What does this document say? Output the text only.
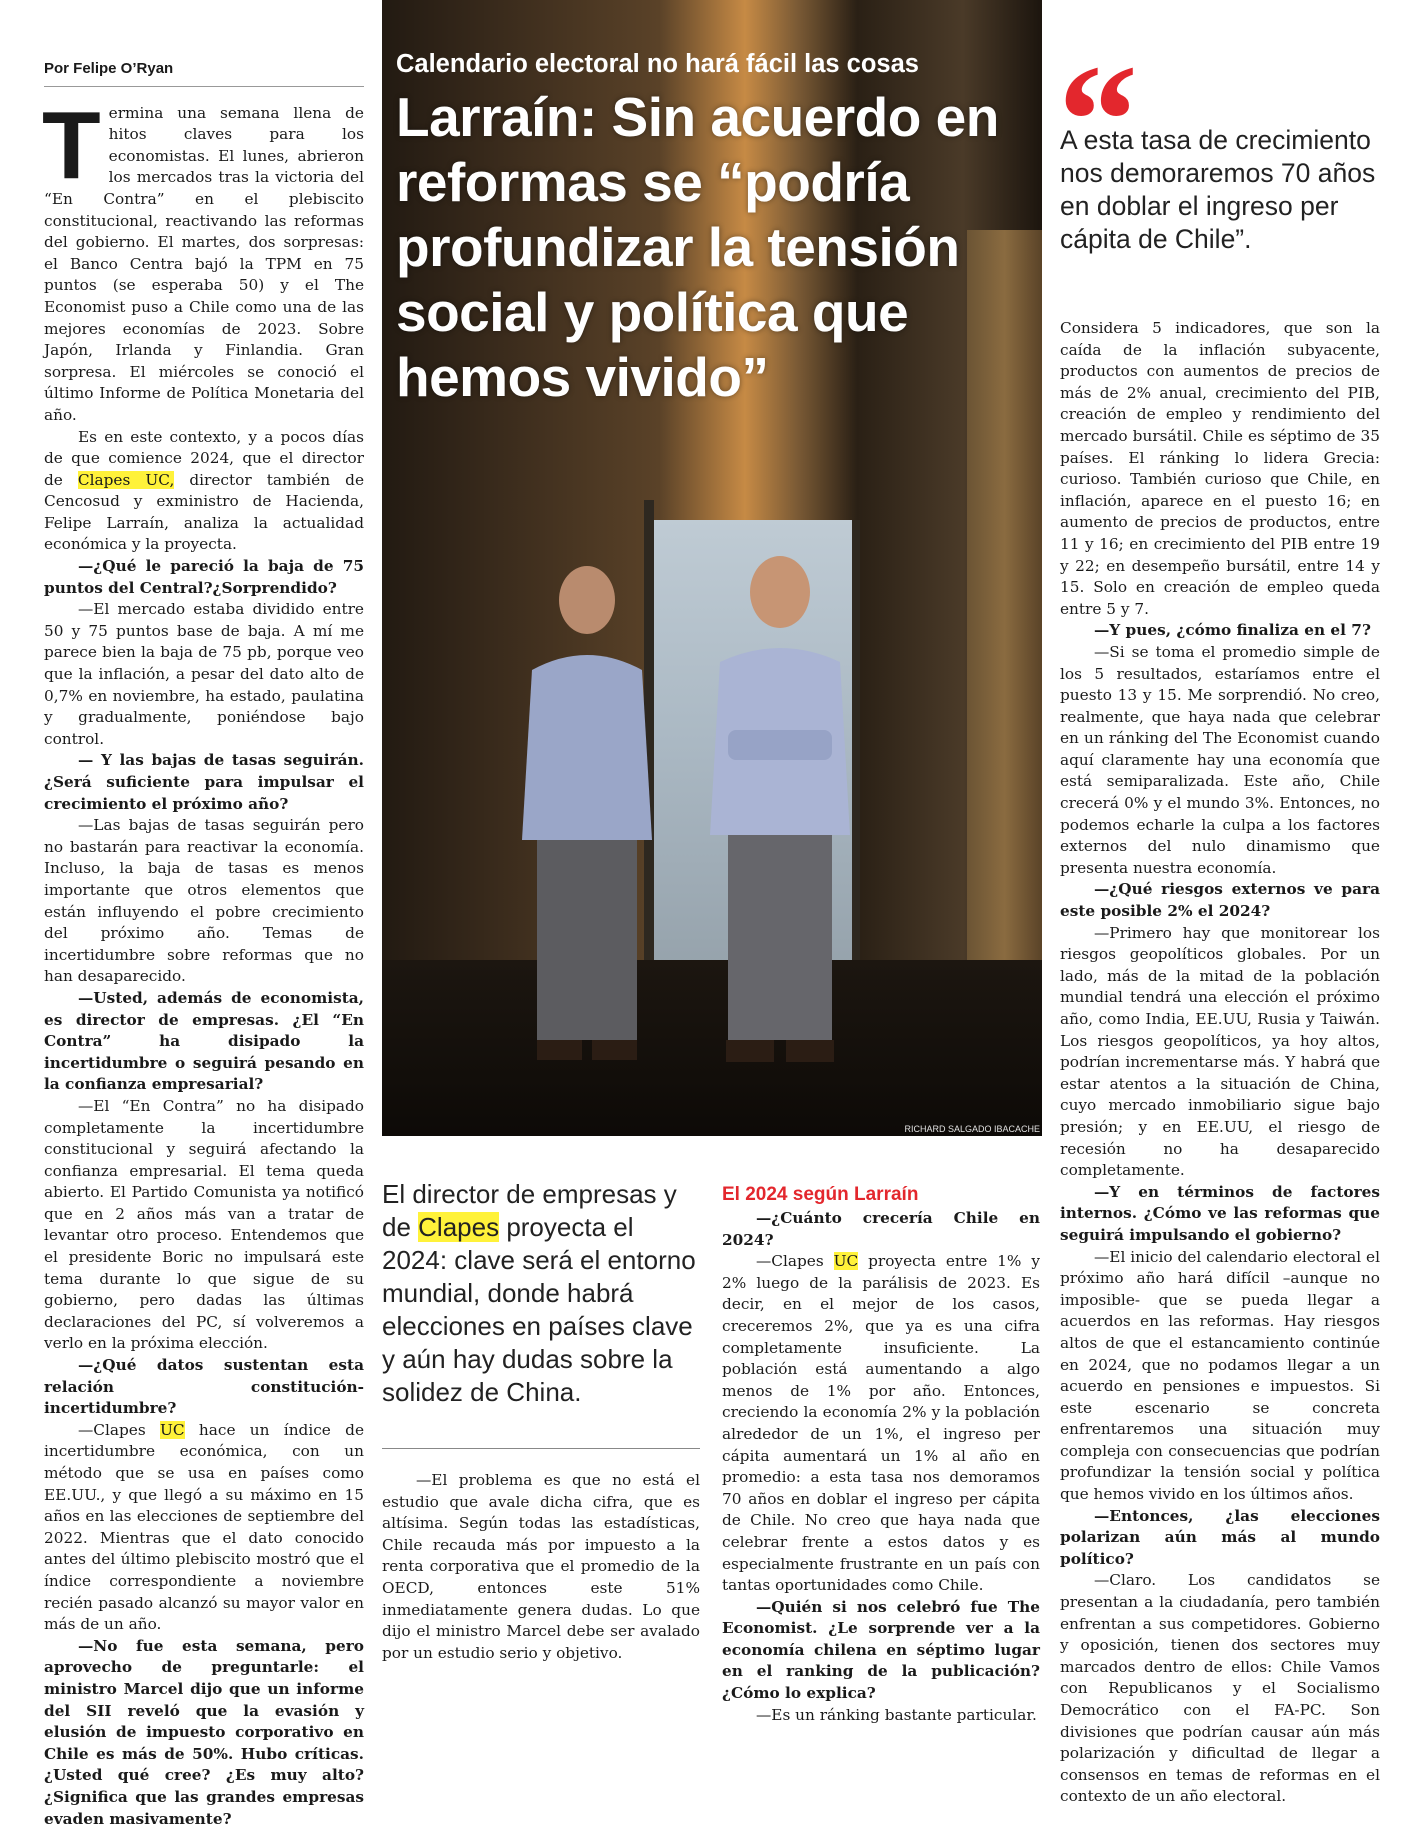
Por Felipe O’Ryan
T ermina una semana llena de hitos claves para los economistas. El lunes, abrieron los mercados tras la victoria del “En Contra” en el plebiscito constitucional, reactivando las reformas del gobierno. El martes, dos sorpresas: el Banco Centra bajó la TPM en 75 puntos (se esperaba 50) y el The Economist puso a Chile como una de las mejores economías de 2023. Sobre Japón, Irlanda y Finlandia. Gran sorpresa. El miércoles se conoció el último Informe de Política Monetaria del año.

Es en este contexto, y a pocos días de que comience 2024, que el director de Clapes UC, director también de Cencosud y exministro de Hacienda, Felipe Larraín, analiza la actualidad económica y la proyecta.

—¿Qué le pareció la baja de 75 puntos del Central?¿Sorprendido?

—El mercado estaba dividido entre 50 y 75 puntos base de baja. A mí me parece bien la baja de 75 pb, porque veo que la inflación, a pesar del dato alto de 0,7% en noviembre, ha estado, paulatina y gradualmente, poniéndose bajo control.

— Y las bajas de tasas seguirán. ¿Será suficiente para impulsar el crecimiento el próximo año?

—Las bajas de tasas seguirán pero no bastarán para reactivar la economía. Incluso, la baja de tasas es menos importante que otros elementos que están influyendo el pobre crecimiento del próximo año. Temas de incertidumbre sobre reformas que no han desaparecido.

—Usted, además de economista, es director de empresas. ¿El “En Contra” ha disipado la incertidumbre o seguirá pesando en la confianza empresarial?

—El “En Contra” no ha disipado completamente la incertidumbre constitucional y seguirá afectando la confianza empresarial. El tema queda abierto. El Partido Comunista ya notificó que en 2 años más van a tratar de levantar otro proceso. Entendemos que el presidente Boric no impulsará este tema durante lo que sigue de su gobierno, pero dadas las últimas declaraciones del PC, sí volveremos a verlo en la próxima elección.

—¿Qué datos sustentan esta relación constitución-incertidumbre?

—Clapes UC hace un índice de incertidumbre económica, con un método que se usa en países como EE.UU., y que llegó a su máximo en 15 años en las elecciones de septiembre del 2022. Mientras que el dato conocido antes del último plebiscito mostró que el índice correspondiente a noviembre recién pasado alcanzó su mayor valor en más de un año.

—No fue esta semana, pero aprovecho de preguntarle: el ministro Marcel dijo que un informe del SII reveló que la evasión y elusión de impuesto corporativo en Chile es más de 50%. Hubo críticas. ¿Usted qué cree? ¿Es muy alto? ¿Significa que las grandes empresas evaden masivamente?

Calendario electoral no hará fácil las cosas
Larraín: Sin acuerdo en reformas se “podría profundizar la tensión social y política que hemos vivido”
RICHARD SALGADO IBACACHE
El director de empresas y de Clapes proyecta el 2024: clave será el entorno mundial, donde habrá elecciones en países clave y aún hay dudas sobre la solidez de China.

—El problema es que no está el estudio que avale dicha cifra, que es altísima. Según todas las estadísticas, Chile recauda más por impuesto a la renta corporativa que el promedio de la OECD, entonces este 51% inmediatamente genera dudas. Lo que dijo el ministro Marcel debe ser avalado por un estudio serio y objetivo.

El 2024 según Larraín

—¿Cuánto crecería Chile en 2024?

—Clapes UC proyecta entre 1% y 2% luego de la parálisis de 2023. Es decir, en el mejor de los casos, creceremos 2%, que ya es una cifra completamente insuficiente. La población está aumentando a algo menos de 1% por año. Entonces, creciendo la economía 2% y la población alrededor de un 1%, el ingreso per cápita aumentará un 1% al año en promedio: a esta tasa nos demoramos 70 años en doblar el ingreso per cápita de Chile. No creo que haya nada que celebrar frente a estos datos y es especialmente frustrante en un país con tantas oportunidades como Chile.

—Quién si nos celebró fue The Economist. ¿Le sorprende ver a la economía chilena en séptimo lugar en el ranking de la publicación? ¿Cómo lo explica?

—Es un ránking bastante particular.

“
A esta tasa de crecimiento nos demoraremos 70 años en doblar el ingreso per cápita de Chile”.

Considera 5 indicadores, que son la caída de la inflación subyacente, productos con aumentos de precios de más de 2% anual, crecimiento del PIB, creación de empleo y rendimiento del mercado bursátil. Chile es séptimo de 35 países. El ránking lo lidera Grecia: curioso. También curioso que Chile, en inflación, aparece en el puesto 16; en aumento de precios de productos, entre 11 y 16; en crecimiento del PIB entre 19 y 22; en desempeño bursátil, entre 14 y 15. Solo en creación de empleo queda entre 5 y 7.

—Y pues, ¿cómo finaliza en el 7?

—Si se toma el promedio simple de los 5 resultados, estaríamos entre el puesto 13 y 15. Me sorprendió. No creo, realmente, que haya nada que celebrar en un ránking del The Economist cuando aquí claramente hay una economía que está semiparalizada. Este año, Chile crecerá 0% y el mundo 3%. Entonces, no podemos echarle la culpa a los factores externos del nulo dinamismo que presenta nuestra economía.

—¿Qué riesgos externos ve para este posible 2% el 2024?

—Primero hay que monitorear los riesgos geopolíticos globales. Por un lado, más de la mitad de la población mundial tendrá una elección el próximo año, como India, EE.UU, Rusia y Taiwán. Los riesgos geopolíticos, ya hoy altos, podrían incrementarse más. Y habrá que estar atentos a la situación de China, cuyo mercado inmobiliario sigue bajo presión; y en EE.UU, el riesgo de recesión no ha desaparecido completamente.

—Y en términos de factores internos. ¿Cómo ve las reformas que seguirá impulsando el gobierno?

—El inicio del calendario electoral el próximo año hará difícil –aunque no imposible- que se pueda llegar a acuerdos en las reformas. Hay riesgos altos de que el estancamiento continúe en 2024, que no podamos llegar a un acuerdo en pensiones e impuestos. Si este escenario se concreta enfrentaremos una situación muy compleja con consecuencias que podrían profundizar la tensión social y política que hemos vivido en los últimos años.

—Entonces, ¿las elecciones polarizan aún más al mundo político?

—Claro. Los candidatos se presentan a la ciudadanía, pero también enfrentan a sus competidores. Gobierno y oposición, tienen dos sectores muy marcados dentro de ellos: Chile Vamos con Republicanos y el Socialismo Democrático con el FA-PC. Son divisiones que podrían causar aún más polarización y dificultad de llegar a consensos en temas de reformas en el contexto de un año electoral.
